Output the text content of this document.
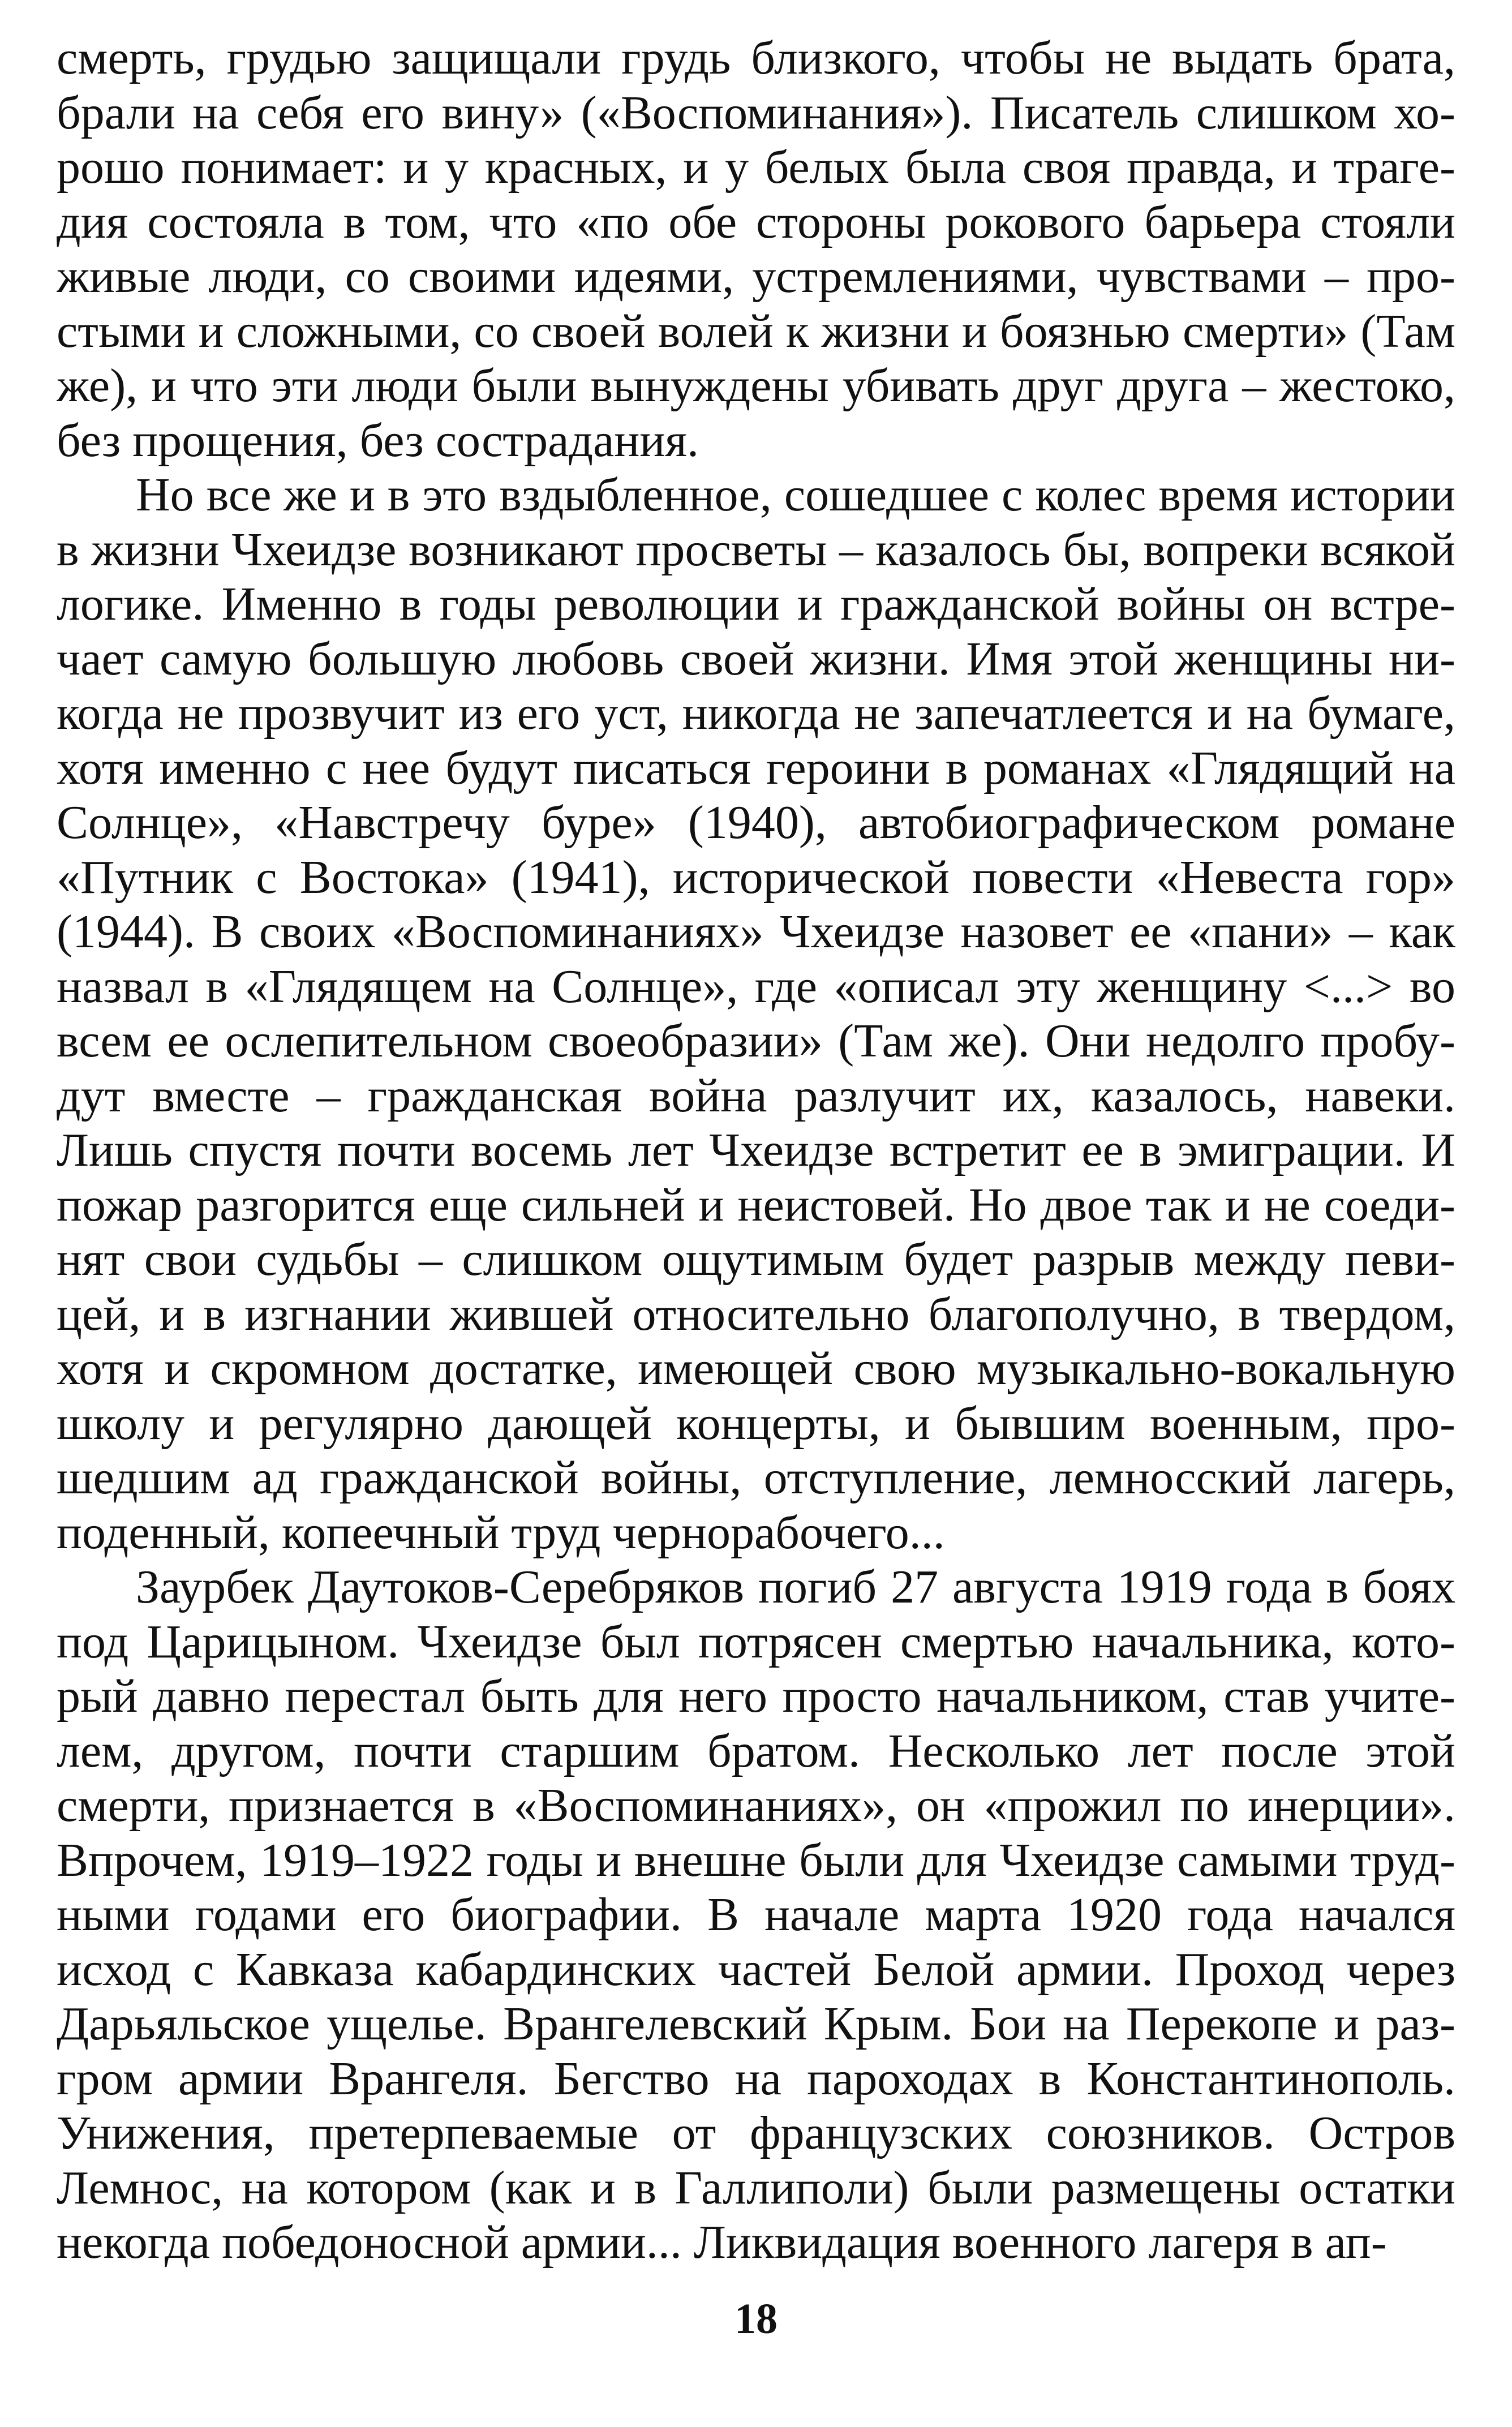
смерть, грудью защищали грудь близкого, чтобы не выдать брата,
брали на себя его вину» («Воспоминания»). Писатель слишком хо-
рошо понимает: и у красных, и у белых была своя правда, и траге-
дия состояла в том, что «по обе стороны рокового барьера стояли
живые люди, со своими идеями, устремлениями, чувствами – про-
стыми и сложными, со своей волей к жизни и боязнью смерти» (Там
же), и что эти люди были вынуждены убивать друг друга – жестоко,
без прощения, без сострадания.
Но все же и в это вздыбленное, сошедшее с колес время истории
в жизни Чхеидзе возникают просветы – казалось бы, вопреки всякой
логике. Именно в годы революции и гражданской войны он встре-
чает самую большую любовь своей жизни. Имя этой женщины ни-
когда не прозвучит из его уст, никогда не запечатлеется и на бумаге,
хотя именно с нее будут писаться героини в романах «Глядящий на
Солнце», «Навстречу буре» (1940), автобиографическом романе
«Путник с Востока» (1941), исторической повести «Невеста гор»
(1944). В своих «Воспоминаниях» Чхеидзе назовет ее «пани» – как
назвал в «Глядящем на Солнце», где «описал эту женщину <...> во
всем ее ослепительном своеобразии» (Там же). Они недолго пробу-
дут вместе – гражданская война разлучит их, казалось, навеки.
Лишь спустя почти восемь лет Чхеидзе встретит ее в эмиграции. И
пожар разгорится еще сильней и неистовей. Но двое так и не соеди-
нят свои судьбы – слишком ощутимым будет разрыв между певи-
цей, и в изгнании жившей относительно благополучно, в твердом,
хотя и скромном достатке, имеющей свою музыкально-вокальную
школу и регулярно дающей концерты, и бывшим военным, про-
шедшим ад гражданской войны, отступление, лемносский лагерь,
поденный, копеечный труд чернорабочего...
Заурбек Даутоков-Серебряков погиб 27 августа 1919 года в боях
под Царицыном. Чхеидзе был потрясен смертью начальника, кото-
рый давно перестал быть для него просто начальником, став учите-
лем, другом, почти старшим братом. Несколько лет после этой
смерти, признается в «Воспоминаниях», он «прожил по инерции».
Впрочем, 1919–1922 годы и внешне были для Чхеидзе самыми труд-
ными годами его биографии. В начале марта 1920 года начался
исход с Кавказа кабардинских частей Белой армии. Проход через
Дарьяльское ущелье. Врангелевский Крым. Бои на Перекопе и раз-
гром армии Врангеля. Бегство на пароходах в Константинополь.
Унижения, претерпеваемые от французских союзников. Остров
Лемнос, на котором (как и в Галлиполи) были размещены остатки
некогда победоносной армии... Ликвидация военного лагеря в ап-
18
